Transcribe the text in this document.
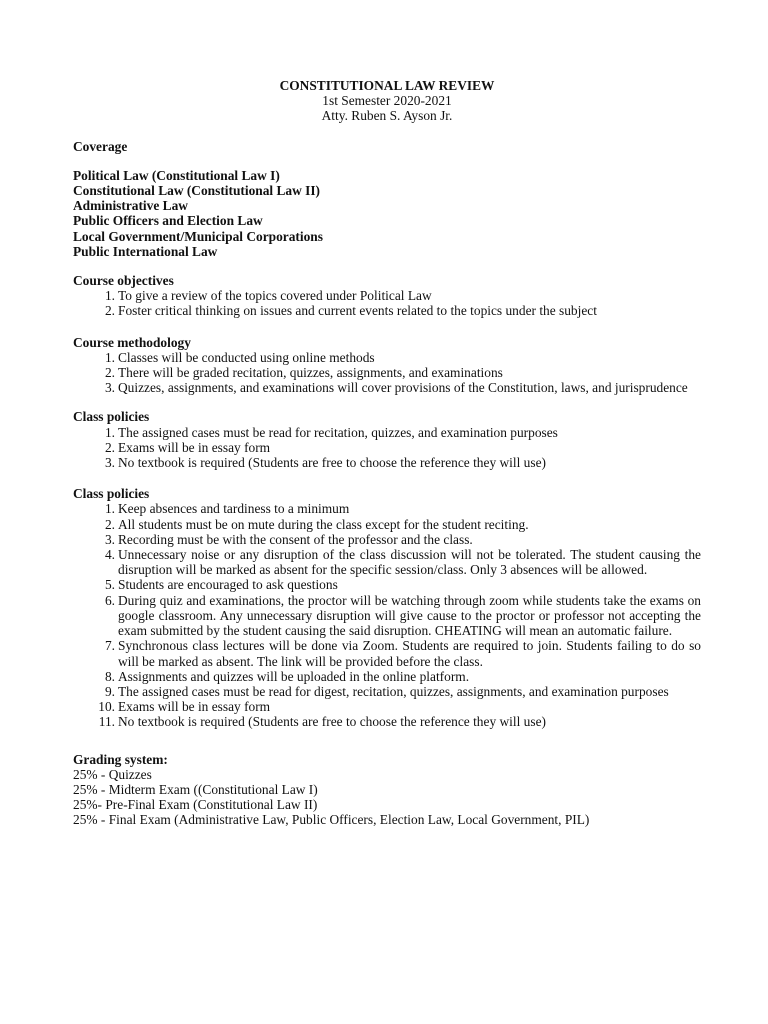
CONSTITUTIONAL LAW REVIEW
1st Semester 2020-2021
Atty. Ruben S. Ayson Jr.
Coverage
Political Law (Constitutional Law I)
Constitutional Law (Constitutional Law II)
Administrative Law
Public Officers and Election Law
Local Government/Municipal Corporations
Public International Law
Course objectives
1. To give a review of the topics covered under Political Law
2. Foster critical thinking on issues and current events related to the topics under the subject
Course methodology
1. Classes will be conducted using online methods
2. There will be graded recitation, quizzes, assignments, and examinations
3. Quizzes, assignments, and examinations will cover provisions of the Constitution, laws, and jurisprudence
Class policies
1. The assigned cases must be read for recitation, quizzes, and examination purposes
2. Exams will be in essay form
3. No textbook is required (Students are free to choose the reference they will use)
Class policies
1. Keep absences and tardiness to a minimum
2. All students must be on mute during the class except for the student reciting.
3. Recording must be with the consent of the professor and the class.
4. Unnecessary noise or any disruption of the class discussion will not be tolerated. The student causing the disruption will be marked as absent for the specific session/class. Only 3 absences will be allowed.
5. Students are encouraged to ask questions
6. During quiz and examinations, the proctor will be watching through zoom while students take the exams on google classroom. Any unnecessary disruption will give cause to the proctor or professor not accepting the exam submitted by the student causing the said disruption. CHEATING will mean an automatic failure.
7. Synchronous class lectures will be done via Zoom. Students are required to join. Students failing to do so will be marked as absent. The link will be provided before the class.
8. Assignments and quizzes will be uploaded in the online platform.
9. The assigned cases must be read for digest, recitation, quizzes, assignments, and examination purposes
10. Exams will be in essay form
11. No textbook is required (Students are free to choose the reference they will use)
Grading system:
25% - Quizzes
25% - Midterm Exam ((Constitutional Law I)
25%- Pre-Final Exam (Constitutional Law II)
25% - Final Exam (Administrative Law, Public Officers, Election Law, Local Government, PIL)
